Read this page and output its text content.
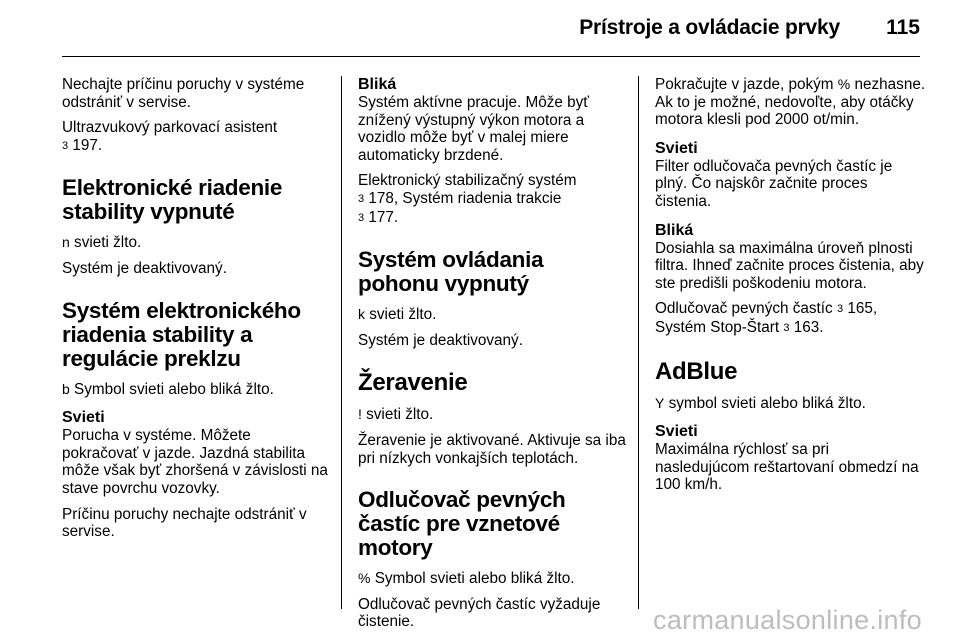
Prístroje a ovládacie prvky 115

Nechajte príčinu poruchy v systéme odstrániť v servise.

Ultrazvukový parkovací asistent
3 197.

Elektronické riadenie stability vypnuté

n svieti žlto.

Systém je deaktivovaný.

Systém elektronického riadenia stability a regulácie preklzu

b Symbol svieti alebo bliká žlto.

Svieti

Porucha v systéme. Môžete pokračovať v jazde. Jazdná stabilita môže však byť zhoršená v závislosti na stave povrchu vozovky.

Príčinu poruchy nechajte odstrániť v servise.

Bliká

Systém aktívne pracuje. Môže byť znížený výstupný výkon motora a vozidlo môže byť v malej miere automaticky brzdené.

Elektronický stabilizačný systém
3 178, Systém riadenia trakcie
3 177.

Systém ovládania pohonu vypnutý

k svieti žlto.

Systém je deaktivovaný.

Žeravenie

! svieti žlto.

Žeravenie je aktivované. Aktivuje sa iba pri nízkych vonkajších teplotách.

Odlučovač pevných častíc pre vznetové motory

% Symbol svieti alebo bliká žlto.

Odlučovač pevných častíc vyžaduje čistenie.

Pokračujte v jazde, pokým % nezhasne. Ak to je možné, nedovoľte, aby otáčky motora klesli pod 2000 ot/min.

Svieti

Filter odlučovača pevných častíc je plný. Čo najskôr začnite proces čistenia.

Bliká

Dosiahla sa maximálna úroveň plnosti filtra. Ihneď začnite proces čistenia, aby ste predišli poškodeniu motora.

Odlučovač pevných častíc 3 165, Systém Stop-Štart 3 163.

AdBlue

Y symbol svieti alebo bliká žlto.

Svieti

Maximálna rýchlosť sa pri nasledujúcom reštartovaní obmedzí na 100 km/h.

carmanualsonline.info
